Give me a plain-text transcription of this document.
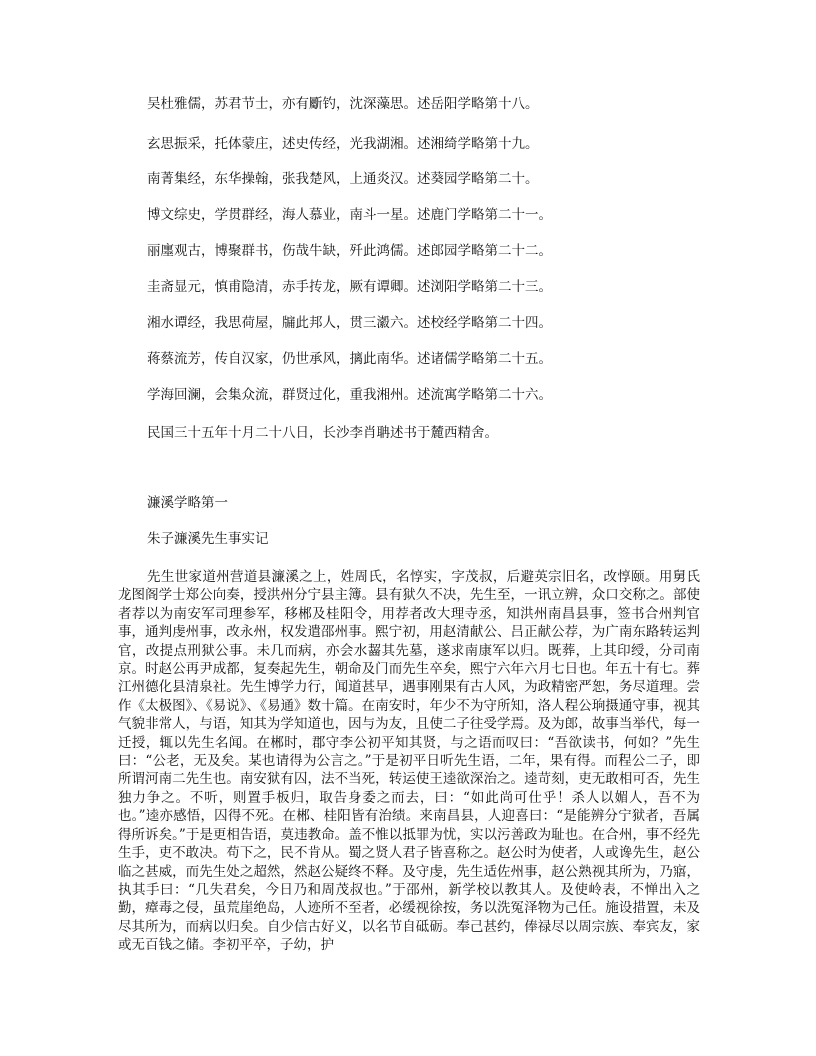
吴杜雅儒，苏君节士，亦有斸钓，沈深藻思。述岳阳学略第十八。
玄思振采，托体蒙庄，述史传经，光我湖湘。述湘绮学略第十九。
南菁集经，东华操翰，张我楚风，上通炎汉。述葵园学略第二十。
博文综史，学贯群经，海人慕业，南斗一星。述鹿门学略第二十一。
丽廛观古，博聚群书，伤哉牛缺，歼此鸿儒。述郎园学略第二十二。
圭斋显元，慎甫隐清，赤手抟龙，厥有谭卿。述浏阳学略第二十三。
湘水谭经，我思荷屋，牖此邦人，贯三瀫六。述校经学略第二十四。
蒋蔡流芳，传自汉家，仍世承风，摛此南华。述诸儒学略第二十五。
学海回澜，会集众流，群贤过化，重我湘州。述流寓学略第二十六。
民国三十五年十月二十八日，长沙李肖聃述书于麓西精舍。
濂溪学略第一
朱子濂溪先生事实记

先生世家道州营道县濂溪之上，姓周氏，名惇实，字茂叔，后避英宗旧名，改惇颐。用舅氏龙图阁学士郑公向奏，授洪州分宁县主簿。县有狱久不决，先生至，一讯立辨，众口交称之。部使者荐以为南安军司理参军，移郴及桂阳令，用荐者改大理寺丞，知洪州南昌县事，签书合州判官事，通判虔州事，改永州，权发遣邵州事。熙宁初，用赵清献公、吕正献公荐，为广南东路转运判官，改提点刑狱公事。未几而病，亦会水齧其先墓，遂求南康军以归。既葬，上其印绶，分司南京。时赵公再尹成都，复奏起先生，朝命及门而先生卒矣，熙宁六年六月七日也。年五十有七。葬江州德化县清泉社。先生博学力行，闻道甚早，遇事刚果有古人风，为政精密严恕，务尽道理。尝作《太极图》、《易说》、《易通》数十篇。在南安时，年少不为守所知，洛人程公珦摄通守事，视其气貌非常人，与语，知其为学知道也，因与为友，且使二子往受学焉。及为郎，故事当举代，每一迁授，辄以先生名闻。在郴时，郡守李公初平知其贤，与之语而叹曰：“吾欲读书，何如？”先生曰：“公老，无及矣。某也请得为公言之。”于是初平日听先生语，二年，果有得。而程公二子，即所谓河南二先生也。南安狱有囚，法不当死，转运使王逵欲深治之。逵苛刻，吏无敢相可否，先生独力争之。不听，则置手板归，取告身委之而去，曰：“如此尚可仕乎！杀人以媚人，吾不为也。”逵亦感悟，囚得不死。在郴、桂阳皆有治绩。来南昌县，人迎喜曰：“是能辨分宁狱者，吾属得所诉矣。”于是更相告语，莫违教命。盖不惟以抵罪为忧，实以污善政为耻也。在合州，事不经先生手，吏不敢决。苟下之，民不肯从。蜀之贤人君子皆喜称之。赵公时为使者，人或谗先生，赵公临之甚威，而先生处之超然，然赵公疑终不释。及守虔，先生适佐州事，赵公熟视其所为，乃寤，执其手曰：“几失君矣，今日乃和周茂叔也。”于邵州，新学校以教其人。及使岭表，不惮出入之勤，瘴毒之侵，虽荒崖绝岛，人迹所不至者，必缓视徐按，务以洗冤泽物为己任。施设措置，未及尽其所为，而病以归矣。自少信古好义，以名节自砥砺。奉己甚约，俸禄尽以周宗族、奉宾友，家或无百钱之储。李初平卒，子幼，护
